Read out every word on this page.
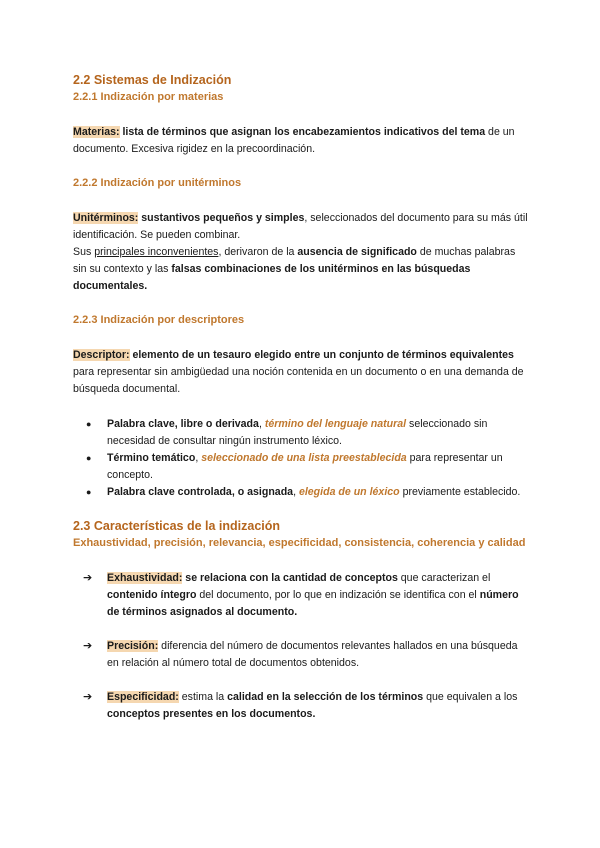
2.2 Sistemas de Indización

2.2.1 Indización por materias

Materias: lista de términos que asignan los encabezamientos indicativos del tema de un documento. Excesiva rigidez en la precoordinación.

2.2.2 Indización por unitérminos

Unitérminos: sustantivos pequeños y simples, seleccionados del documento para su más útil identificación. Se pueden combinar.
Sus principales inconvenientes, derivaron de la ausencia de significado de muchas palabras sin su contexto y las falsas combinaciones de los unitérminos en las búsquedas documentales.

2.2.3 Indización por descriptores

Descriptor: elemento de un tesauro elegido entre un conjunto de términos equivalentes para representar sin ambigüedad una noción contenida en un documento o en una demanda de búsqueda documental.

● Palabra clave, libre o derivada, término del lenguaje natural seleccionado sin necesidad de consultar ningún instrumento léxico.

● Término temático, seleccionado de una lista preestablecida para representar un concepto.

● Palabra clave controlada, o asignada, elegida de un léxico previamente establecido.

2.3 Características de la indización

Exhaustividad, precisión, relevancia, especificidad, consistencia, coherencia y calidad

➔ Exhaustividad: se relaciona con la cantidad de conceptos que caracterizan el contenido íntegro del documento, por lo que en indización se identifica con el número de términos asignados al documento.

➔ Precisión: diferencia del número de documentos relevantes hallados en una búsqueda en relación al número total de documentos obtenidos.

➔ Especificidad: estima la calidad en la selección de los términos que equivalen a los conceptos presentes en los documentos.
